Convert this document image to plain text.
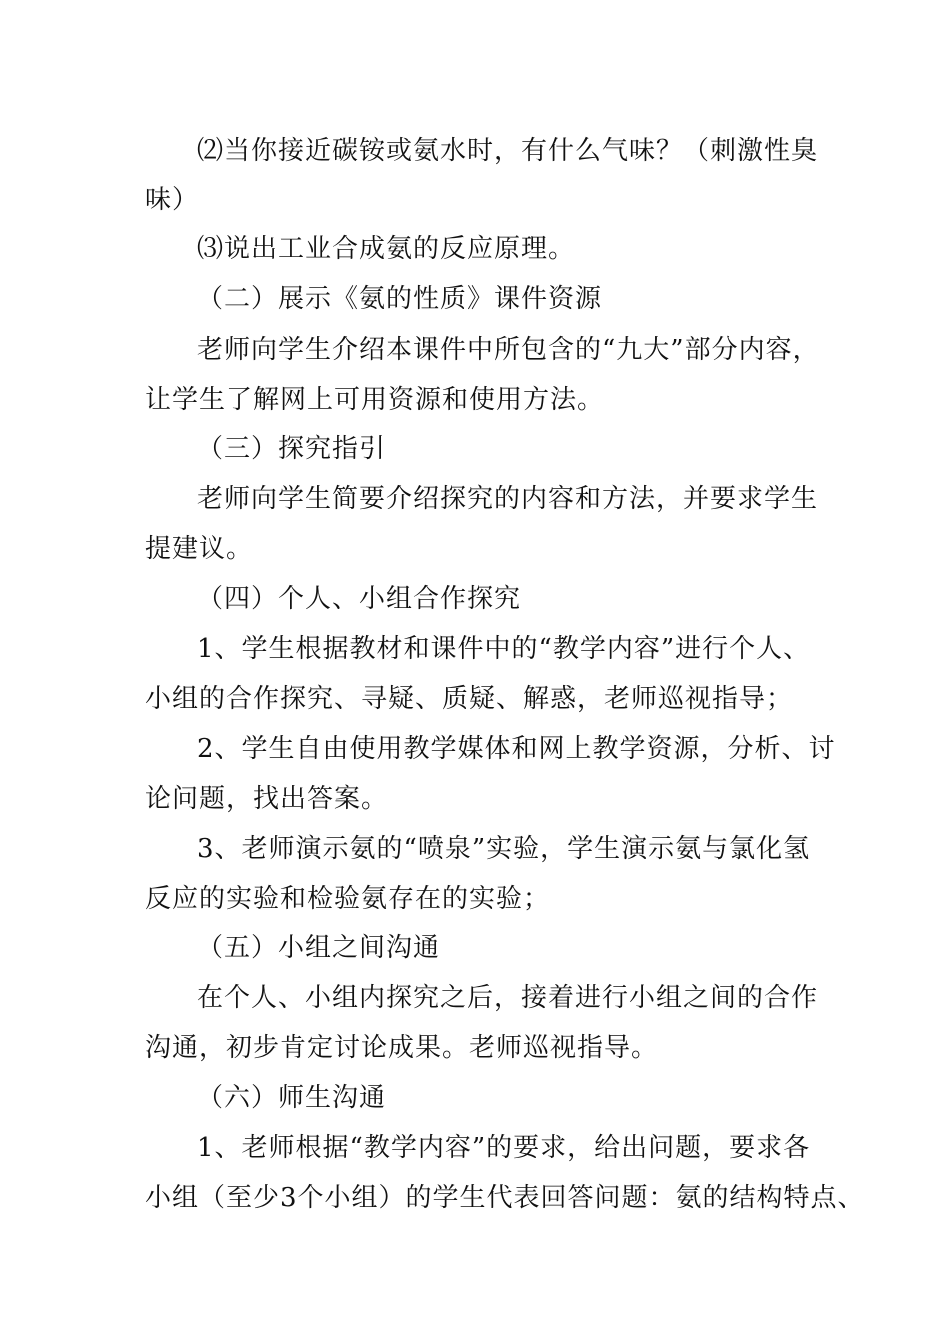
⑵当你接近碳铵或氨水时，有什么气味？（刺激性臭
味）
⑶说出工业合成氨的反应原理。
（二）展示《氨的性质》课件资源
老师向学生介绍本课件中所包含的“九大”部分内容，
让学生了解网上可用资源和使用方法。
（三）探究指引
老师向学生简要介绍探究的内容和方法，并要求学生
提建议。
（四）个人、小组合作探究
1、学生根据教材和课件中的“教学内容”进行个人、
小组的合作探究、寻疑、质疑、解惑，老师巡视指导；
2、学生自由使用教学媒体和网上教学资源，分析、讨
论问题，找出答案。
3、老师演示氨的“喷泉”实验，学生演示氨与氯化氢
反应的实验和检验氨存在的实验；
（五）小组之间沟通
在个人、小组内探究之后，接着进行小组之间的合作
沟通，初步肯定讨论成果。老师巡视指导。
（六）师生沟通
1、老师根据“教学内容”的要求，给出问题，要求各
小组（至少3个小组）的学生代表回答问题：氨的结构特点、
